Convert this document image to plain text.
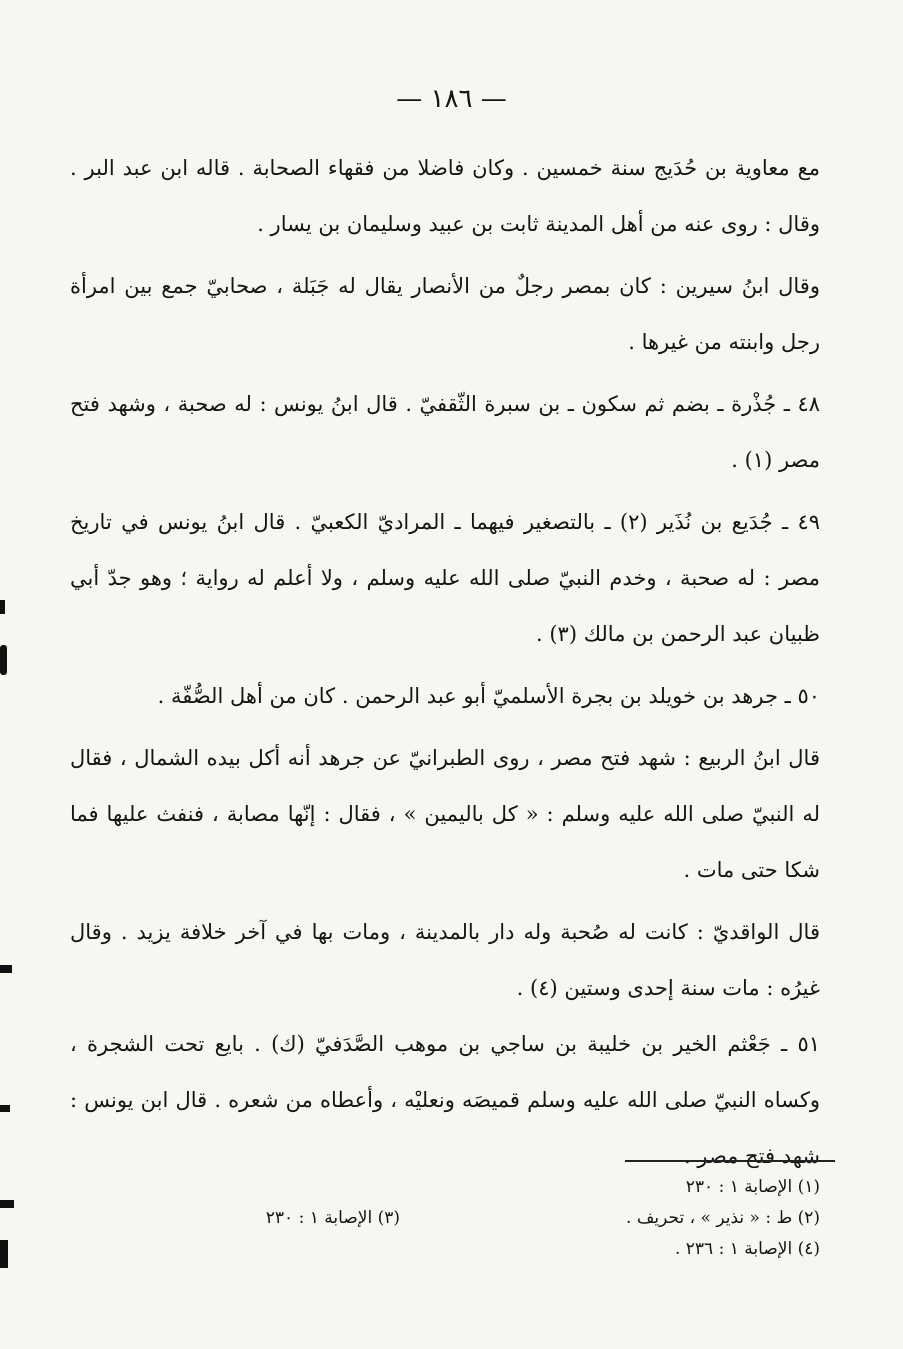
— ١٨٦ —

مع معاوية بن حُدَيج سنة خمسين . وكان فاضلا من فقهاء الصحابة . قاله ابن عبد البر . وقال : روى عنه من أهل المدينة ثابت بن عبيد وسليمان بن يسار .

وقال ابنُ سيرين : كان بمصر رجلٌ من الأنصار يقال له جَبَلة ، صحابيّ جمع بين امرأة رجل وابنته من غيرها .

٤٨ ـ جُذْرة ـ بضم ثم سكون ـ بن سبرة الثّقفيّ . قال ابنُ يونس : له صحبة ، وشهد فتح مصر (١) .

٤٩ ـ جُدَيع بن نُذَير (٢) ـ بالتصغير فيهما ـ المراديّ الكعبيّ . قال ابنُ يونس في تاريخ مصر : له صحبة ، وخدم النبيّ صلى الله عليه وسلم ، ولا أعلم له رواية ؛ وهو جدّ أبي ظبيان عبد الرحمن بن مالك (٣) .

٥٠ ـ جرهد بن خويلد بن بجرة الأسلميّ أبو عبد الرحمن . كان من أهل الصُّفّة .

قال ابنُ الربيع : شهد فتح مصر ، روى الطبرانيّ عن جرهد أنه أكل بيده الشمال ، فقال له النبيّ صلى الله عليه وسلم : « كل باليمين » ، فقال : إنّها مصابة ، فنفث عليها فما شكا حتى مات .

قال الواقديّ : كانت له صُحبة وله دار بالمدينة ، ومات بها في آخر خلافة يزيد . وقال غيرُه : مات سنة إحدى وستين (٤) .

٥١ ـ جَعْثم الخير بن خليبة بن ساجي بن موهب الصَّدَفيّ (ك) . بايع تحت الشجرة ، وكساه النبيّ صلى الله عليه وسلم قميصَه ونعليْه ، وأعطاه من شعره . قال ابن يونس : شهد فتح مصر .

(١) الإصابة ١ : ٢٣٠
(٢) ط : « نذير » ، تحريف .
(٣) الإصابة ١ : ٢٣٠
(٤) الإصابة ١ : ٢٣٦ .
